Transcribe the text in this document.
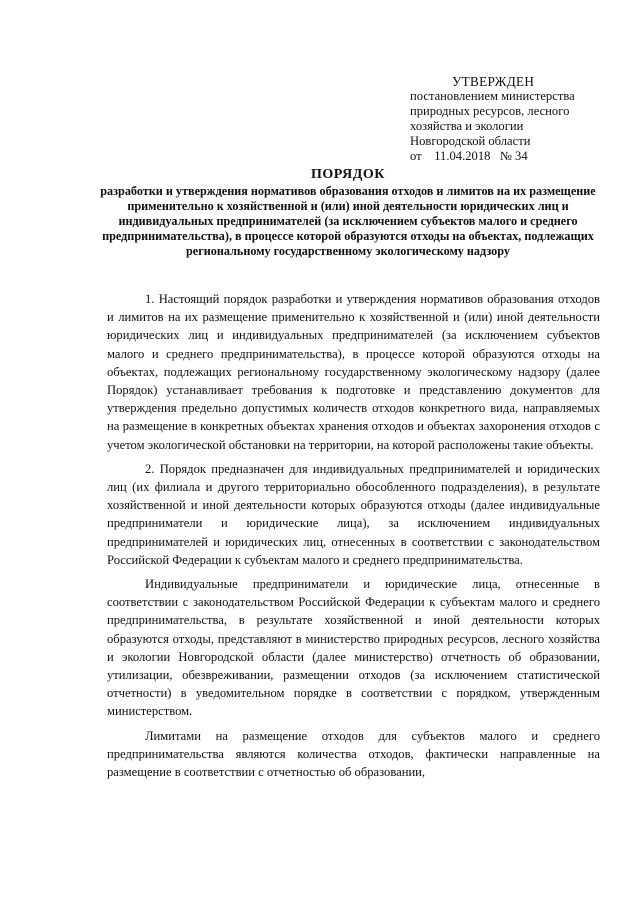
УТВЕРЖДЕН
постановлением министерства
природных ресурсов, лесного
хозяйства и экологии
Новгородской области
от    11.04.2018   № 34
ПОРЯДОК
разработки и утверждения нормативов образования отходов и лимитов на их размещение применительно к хозяйственной и (или) иной деятельности юридических лиц и индивидуальных предпринимателей (за исключением субъектов малого и среднего предпринимательства), в процессе которой образуются отходы на объектах, подлежащих региональному государственному экологическому надзору

1. Настоящий порядок разработки и утверждения нормативов образования отходов и лимитов на их размещение применительно к хозяйственной и (или) иной деятельности юридических лиц и индивидуальных предпринимателей (за исключением субъектов малого и среднего предпринимательства), в процессе которой образуются отходы на объектах, подлежащих региональному государственному экологическому надзору (далее Порядок) устанавливает требования к подготовке и представлению документов для утверждения предельно допустимых количеств отходов конкретного вида, направляемых на размещение в конкретных объектах хранения отходов и объектах захоронения отходов с учетом экологической обстановки на территории, на которой расположены такие объекты.

2. Порядок предназначен для индивидуальных предпринимателей и юридических лиц (их филиала и другого территориально обособленного подразделения), в результате хозяйственной и иной деятельности которых образуются отходы (далее индивидуальные предприниматели и юридические лица), за исключением индивидуальных предпринимателей и юридических лиц, отнесенных в соответствии с законодательством Российской Федерации к субъектам малого и среднего предпринимательства.

Индивидуальные предприниматели и юридические лица, отнесенные в соответствии с законодательством Российской Федерации к субъектам малого и среднего предпринимательства, в результате хозяйственной и иной деятельности которых образуются отходы, представляют в министерство природных ресурсов, лесного хозяйства и экологии Новгородской области (далее министерство) отчетность об образовании, утилизации, обезвреживании, размещении отходов (за исключением статистической отчетности) в уведомительном порядке в соответствии с порядком, утвержденным министерством.

Лимитами на размещение отходов для субъектов малого и среднего предпринимательства являются количества отходов, фактически направленные на размещение в соответствии с отчетностью об образовании,
